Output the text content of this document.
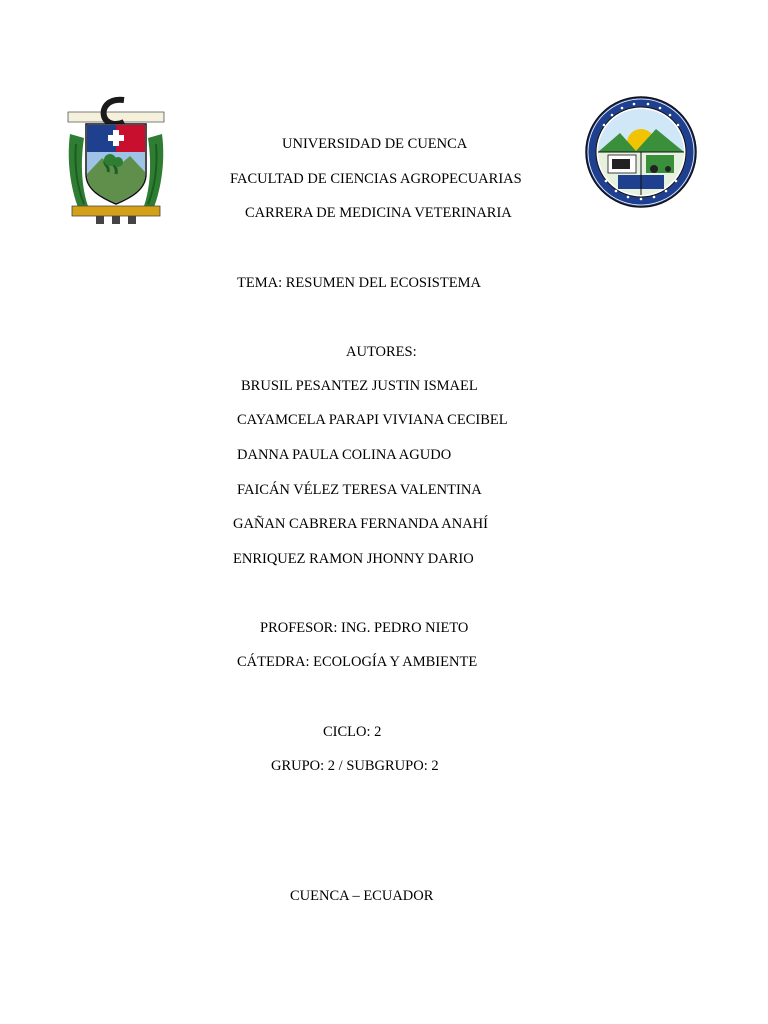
UNIVERSIDAD DE CUENCA

FACULTAD DE CIENCIAS AGROPECUARIAS

CARRERA DE MEDICINA VETERINARIA

TEMA: RESUMEN DEL ECOSISTEMA

AUTORES:

BRUSIL PESANTEZ JUSTIN ISMAEL

CAYAMCELA PARAPI VIVIANA CECIBEL

DANNA PAULA COLINA AGUDO

FAICÁN VÉLEZ TERESA VALENTINA

GAÑAN CABRERA FERNANDA ANAHÍ

ENRIQUEZ RAMON JHONNY DARIO

PROFESOR: ING. PEDRO NIETO

CÁTEDRA: ECOLOGÍA Y AMBIENTE

CICLO: 2

GRUPO: 2 / SUBGRUPO: 2

CUENCA – ECUADOR
